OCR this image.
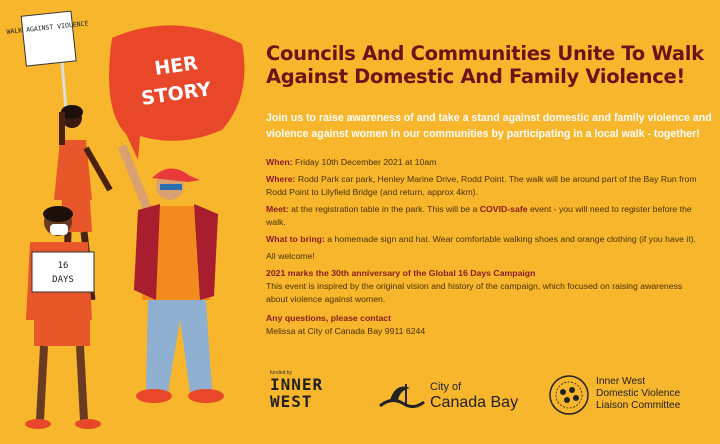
WALK AGAINST VIOLENCE
HER
STORY
16
DAYS
Councils And Communities Unite To Walk
Against Domestic And Family Violence!

Join us to raise awareness of and take a stand against domestic and family violence and violence against women in our communities by participating in a local walk - together!

When: Friday 10th December 2021 at 10am

Where: Rodd Park car park, Henley Marine Drive, Rodd Point. The walk will be around part of the Bay Run from Rodd Point to Lilyfield Bridge (and return, approx 4km).

Meet: at the registration table in the park. This will be a COVID-safe event - you will need to register before the walk.

What to bring: a homemade sign and hat. Wear comfortable walking shoes and orange clothing (if you have it).

All welcome!

2021 marks the 30th anniversary of the Global 16 Days Campaign
This event is inspired by the original vision and history of the campaign, which focused on raising awareness about violence against women.

Any questions, please contact
Melissa at City of Canada Bay 9911 6244

funded by
INNER
WEST
City of
Canada Bay
Inner West
Domestic Violence
Liaison Committee
